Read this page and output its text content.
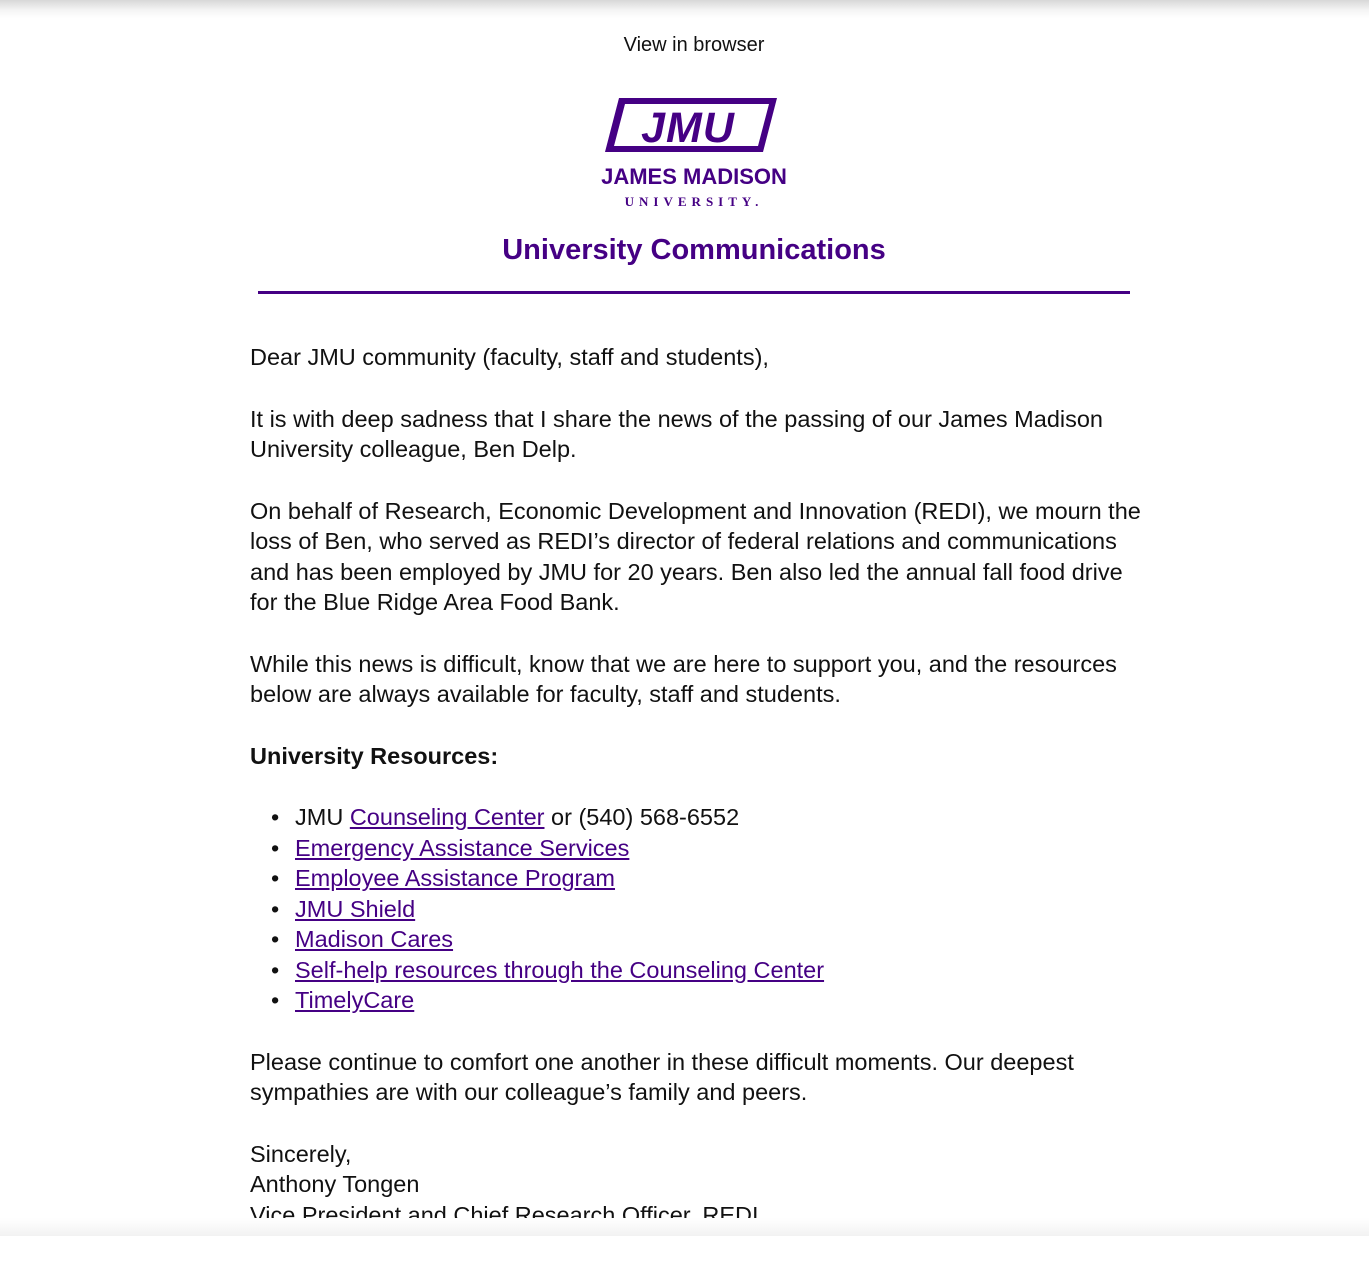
View in browser
JMU
JAMES MADISON
UNIVERSITY.
University Communications

Dear JMU community (faculty, staff and students),

It is with deep sadness that I share the news of the passing of our James Madison University colleague, Ben Delp.

On behalf of Research, Economic Development and Innovation (REDI), we mourn the loss of Ben, who served as REDI’s director of federal relations and communications and has been employed by JMU for 20 years. Ben also led the annual fall food drive for the Blue Ridge Area Food Bank.

While this news is difficult, know that we are here to support you, and the resources below are always available for faculty, staff and students.

University Resources:
• JMU Counseling Center or (540) 568-6552
• Emergency Assistance Services
• Employee Assistance Program
• JMU Shield
• Madison Cares
• Self-help resources through the Counseling Center
• TimelyCare

Please continue to comfort one another in these difficult moments. Our deepest sympathies are with our colleague’s family and peers.

Sincerely,
Anthony Tongen
Vice President and Chief Research Officer, REDI
